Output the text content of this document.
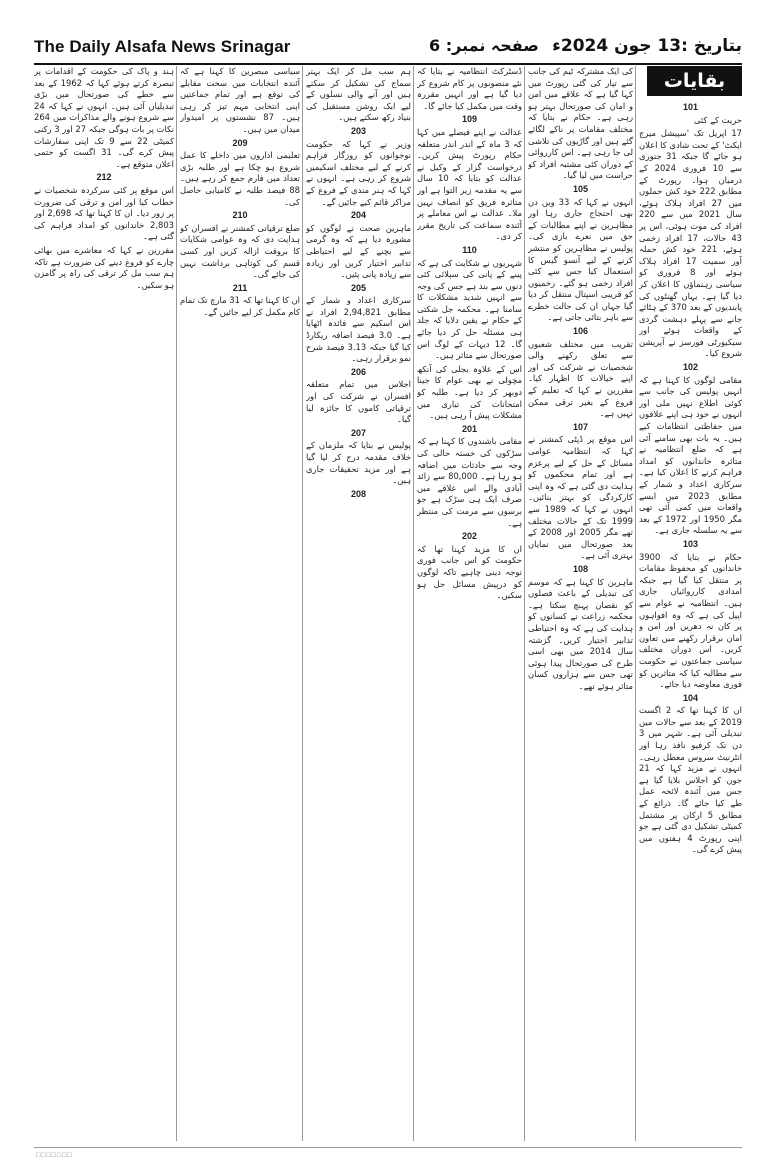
The Daily Alsafa News Srinagar	صفحہ نمبر: 6 بتاریخ :13 جون 2024ء
بقایات
101

حریت کے کئی

17 اپریل تک 'سپیشل میرج ایکٹ' کے تحت شادی کا اعلان ہو جائے گا جبکہ 31 جنوری سے 10 فروری 2024 کے درمیان ہوا۔ رپورٹ کے مطابق 222 خود کش حملوں میں 27 افراد ہلاک ہوئے، سال 2021 میں سے 220 افراد کی موت ہوئی، اس پر 43 حالات، 17 افراد زخمی ہوئے، 221 خود کش حملہ آور سمیت 17 افراد ہلاک ہوئے اور 8 فروری کو سیاسی رہنماؤں کا اعلان کر دیا گیا ہے۔ یہاں گھنٹوں کی پابندیوں کے بعد 370 کے ہٹائے جانے سے پہلے دہشت گردی کے واقعات ہوئے اور سیکیورٹی فورسز نے آپریشن شروع کیا۔

102

مقامی لوگوں کا کہنا ہے کہ انہیں پولیس کی جانب سے کوئی اطلاع نہیں ملی اور انہوں نے خود ہی اپنے علاقوں میں حفاظتی انتظامات کیے ہیں۔ یہ بات بھی سامنے آئی ہے کہ ضلع انتظامیہ نے متاثرہ خاندانوں کو امداد فراہم کرنے کا اعلان کیا ہے۔ سرکاری اعداد و شمار کے مطابق 2023 میں ایسے واقعات میں کمی آئی تھی مگر 1950 اور 1972 کے بعد سے یہ سلسلہ جاری ہے۔

103

حکام نے بتایا کہ 3900 خاندانوں کو محفوظ مقامات پر منتقل کیا گیا ہے جبکہ امدادی کارروائیاں جاری ہیں۔ انتظامیہ نے عوام سے اپیل کی ہے کہ وہ افواہوں پر کان نہ دھریں اور امن و امان برقرار رکھنے میں تعاون کریں۔ اس دوران مختلف سیاسی جماعتوں نے حکومت سے مطالبہ کیا کہ متاثرین کو فوری معاوضہ دیا جائے۔

104

ان کا کہنا تھا کہ 2 اگست 2019 کے بعد سے حالات میں تبدیلی آئی ہے۔ شہر میں 3 دن تک کرفیو نافذ رہا اور انٹرنیٹ سروس معطل رہی۔ انہوں نے مزید کہا کہ 21 جون کو اجلاس بلایا گیا ہے جس میں آئندہ لائحہ عمل طے کیا جائے گا۔ ذرائع کے مطابق 5 ارکان پر مشتمل کمیٹی تشکیل دی گئی ہے جو اپنی رپورٹ 4 ہفتوں میں پیش کرے گی۔

کی ایک مشترکہ ٹیم کی جانب سے تیار کی گئی رپورٹ میں کہا گیا ہے کہ علاقے میں امن و امان کی صورتحال بہتر ہو رہی ہے۔ حکام نے بتایا کہ مختلف مقامات پر ناکے لگائے گئے ہیں اور گاڑیوں کی تلاشی لی جا رہی ہے۔ اس کارروائی کے دوران کئی مشتبہ افراد کو حراست میں لیا گیا۔

105

انہوں نے کہا کہ 33 ویں دن بھی احتجاج جاری رہا اور مظاہرین نے اپنے مطالبات کے حق میں نعرے بازی کی۔ پولیس نے مظاہرین کو منتشر کرنے کے لیے آنسو گیس کا استعمال کیا جس سے کئی افراد زخمی ہو گئے۔ زخمیوں کو قریبی اسپتال منتقل کر دیا گیا جہاں ان کی حالت خطرے سے باہر بتائی جاتی ہے۔

106

تقریب میں مختلف شعبوں سے تعلق رکھنے والی شخصیات نے شرکت کی اور اپنے خیالات کا اظہار کیا۔ مقررین نے کہا کہ تعلیم کے فروغ کے بغیر ترقی ممکن نہیں ہے۔

107

اس موقع پر ڈپٹی کمشنر نے کہا کہ انتظامیہ عوامی مسائل کے حل کے لیے پرعزم ہے اور تمام محکموں کو ہدایت دی گئی ہے کہ وہ اپنی کارکردگی کو بہتر بنائیں۔ انہوں نے کہا کہ 1989 سے 1999 تک کے حالات مختلف تھے مگر 2005 اور 2008 کے بعد صورتحال میں نمایاں بہتری آئی ہے۔

108

ماہرین کا کہنا ہے کہ موسم کی تبدیلی کے باعث فصلوں کو نقصان پہنچ سکتا ہے۔ محکمہ زراعت نے کسانوں کو ہدایت کی ہے کہ وہ احتیاطی تدابیر اختیار کریں۔ گزشتہ سال 2014 میں بھی اسی طرح کی صورتحال پیدا ہوئی تھی جس سے ہزاروں کسان متاثر ہوئے تھے۔

ڈسٹرکٹ انتظامیہ نے بتایا کہ نئے منصوبوں پر کام شروع کر دیا گیا ہے اور انہیں مقررہ وقت میں مکمل کیا جائے گا۔

109

عدالت نے اپنے فیصلے میں کہا کہ 3 ماہ کے اندر اندر متعلقہ حکام رپورٹ پیش کریں۔ درخواست گزار کے وکیل نے عدالت کو بتایا کہ 10 سال سے یہ مقدمہ زیر التوا ہے اور متاثرہ فریق کو انصاف نہیں ملا۔ عدالت نے اس معاملے پر آئندہ سماعت کی تاریخ مقرر کر دی۔

110

شہریوں نے شکایت کی ہے کہ پینے کے پانی کی سپلائی کئی دنوں سے بند ہے جس کی وجہ سے انہیں شدید مشکلات کا سامنا ہے۔ محکمہ جل شکتی کے حکام نے یقین دلایا کہ جلد ہی مسئلہ حل کر دیا جائے گا۔ 12 دیہات کے لوگ اس صورتحال سے متاثر ہیں۔

اس کے علاوہ بجلی کی آنکھ مچولی نے بھی عوام کا جینا دوبھر کر دیا ہے۔ طلبہ کو امتحانات کی تیاری میں مشکلات پیش آ رہی ہیں۔

201

مقامی باشندوں کا کہنا ہے کہ سڑکوں کی خستہ حالی کی وجہ سے حادثات میں اضافہ ہو رہا ہے۔ 80,000 سے زائد آبادی والے اس علاقے میں صرف ایک ہی سڑک ہے جو برسوں سے مرمت کی منتظر ہے۔

202

ان کا مزید کہنا تھا کہ حکومت کو اس جانب فوری توجہ دینی چاہیے تاکہ لوگوں کو درپیش مسائل حل ہو سکیں۔

ہم سب مل کر ایک بہتر سماج کی تشکیل کر سکتے ہیں اور آنے والی نسلوں کے لیے ایک روشن مستقبل کی بنیاد رکھ سکتے ہیں۔

203

وزیر نے کہا کہ حکومت نوجوانوں کو روزگار فراہم کرنے کے لیے مختلف اسکیمیں شروع کر رہی ہے۔ انہوں نے کہا کہ ہنر مندی کے فروغ کے مراکز قائم کیے جائیں گے۔

204

ماہرین صحت نے لوگوں کو مشورہ دیا ہے کہ وہ گرمی سے بچنے کے لیے احتیاطی تدابیر اختیار کریں اور زیادہ سے زیادہ پانی پئیں۔

205

سرکاری اعداد و شمار کے مطابق 2,94,821 افراد نے اس اسکیم سے فائدہ اٹھایا ہے۔ 3.0 فیصد اضافہ ریکارڈ کیا گیا جبکہ 3.13 فیصد شرح نمو برقرار رہی۔

206

اجلاس میں تمام متعلقہ افسران نے شرکت کی اور ترقیاتی کاموں کا جائزہ لیا گیا۔

207

پولیس نے بتایا کہ ملزمان کے خلاف مقدمہ درج کر لیا گیا ہے اور مزید تحقیقات جاری ہیں۔

208

سیاسی مبصرین کا کہنا ہے کہ آئندہ انتخابات میں سخت مقابلے کی توقع ہے اور تمام جماعتیں اپنی انتخابی مہم تیز کر رہی ہیں۔ 87 نشستوں پر امیدوار میدان میں ہیں۔

209

تعلیمی اداروں میں داخلے کا عمل شروع ہو چکا ہے اور طلبہ بڑی تعداد میں فارم جمع کر رہے ہیں۔ 88 فیصد طلبہ نے کامیابی حاصل کی۔

210

ضلع ترقیاتی کمشنر نے افسران کو ہدایت دی کہ وہ عوامی شکایات کا بروقت ازالہ کریں اور کسی قسم کی کوتاہی برداشت نہیں کی جائے گی۔

211

ان کا کہنا تھا کہ 31 مارچ تک تمام کام مکمل کر لیے جائیں گے۔

ہند و پاک کی حکومت کے اقدامات پر تبصرہ کرتے ہوئے کہا کہ 1962 کے بعد سے خطے کی صورتحال میں بڑی تبدیلیاں آئی ہیں۔ انہوں نے کہا کہ 24 سے شروع ہونے والے مذاکرات میں 264 نکات پر بات ہوگی جبکہ 27 اور 3 رکنی کمیٹی 22 سے 9 تک اپنی سفارشات پیش کرے گی۔ 31 اگست کو حتمی اعلان متوقع ہے۔

212

اس موقع پر کئی سرکردہ شخصیات نے خطاب کیا اور امن و ترقی کی ضرورت پر زور دیا۔ ان کا کہنا تھا کہ 2,698 اور 2,803 خاندانوں کو امداد فراہم کی گئی ہے۔

مقررین نے کہا کہ معاشرے میں بھائی چارے کو فروغ دینے کی ضرورت ہے تاکہ ہم سب مل کر ترقی کی راہ پر گامزن ہو سکیں۔

□□□□□□□
